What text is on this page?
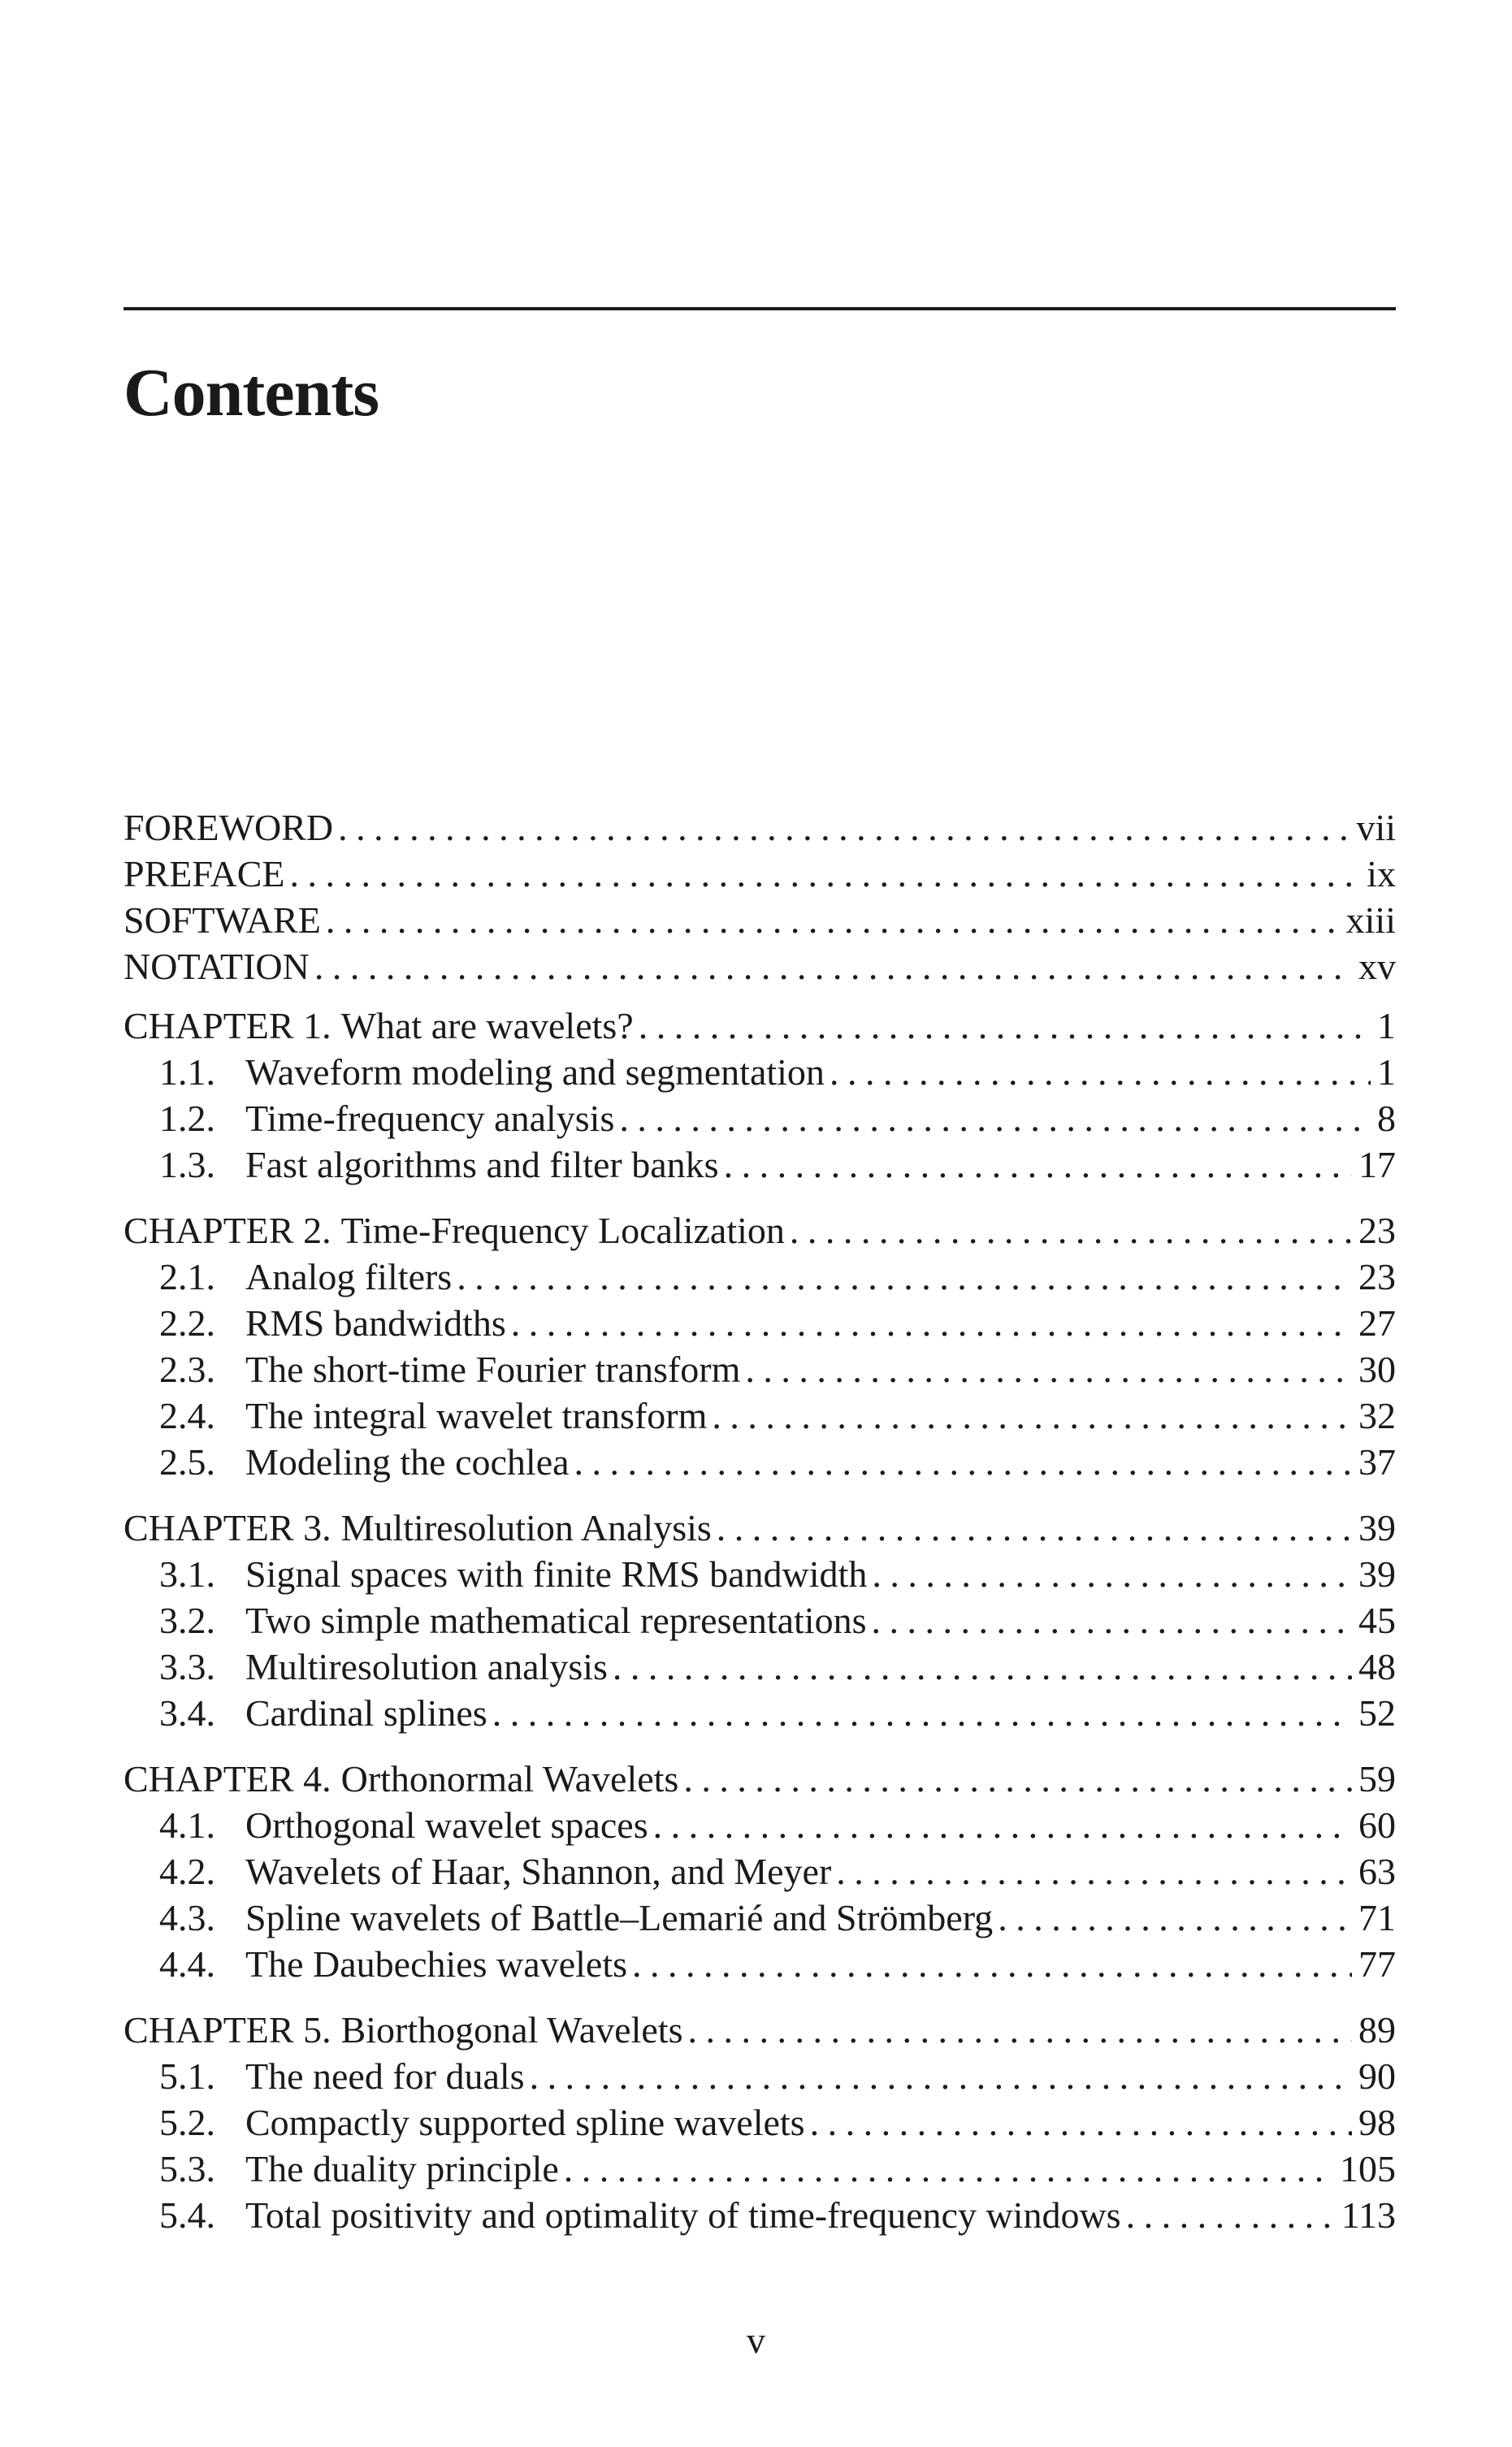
Contents
FOREWORD . . .	vii
PREFACE . . .	ix
SOFTWARE . . .	xiii
NOTATION . . .	xv
CHAPTER 1. What are wavelets? . . .	1
1.1. Waveform modeling and segmentation . . .	1
1.2. Time-frequency analysis . . .	8
1.3. Fast algorithms and filter banks . . .	17
CHAPTER 2. Time-Frequency Localization . . .	23
2.1. Analog filters . . .	23
2.2. RMS bandwidths . . .	27
2.3. The short-time Fourier transform . . .	30
2.4. The integral wavelet transform . . .	32
2.5. Modeling the cochlea . . .	37
CHAPTER 3. Multiresolution Analysis . . .	39
3.1. Signal spaces with finite RMS bandwidth . . .	39
3.2. Two simple mathematical representations . . .	45
3.3. Multiresolution analysis . . .	48
3.4. Cardinal splines . . .	52
CHAPTER 4. Orthonormal Wavelets . . .	59
4.1. Orthogonal wavelet spaces . . .	60
4.2. Wavelets of Haar, Shannon, and Meyer . . .	63
4.3. Spline wavelets of Battle–Lemarié and Strömberg . . .	71
4.4. The Daubechies wavelets . . .	77
CHAPTER 5. Biorthogonal Wavelets . . .	89
5.1. The need for duals . . .	90
5.2. Compactly supported spline wavelets . . .	98
5.3. The duality principle . . .	105
5.4. Total positivity and optimality of time-frequency windows . . .	113
v
